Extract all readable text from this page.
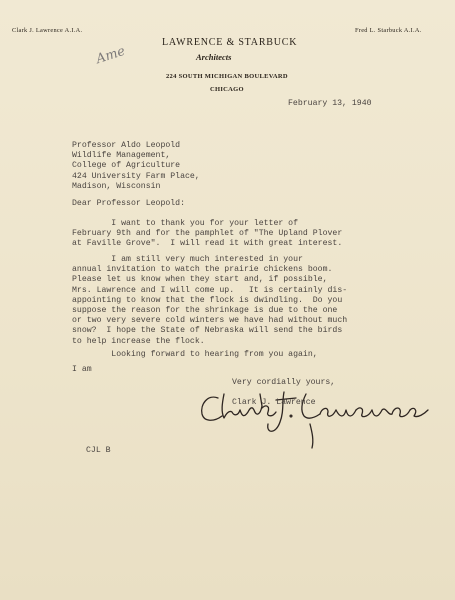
Clark J. Lawrence A.I.A.	Fred L. Starbuck A.I.A.
LAWRENCE & STARBUCK
Architects
224 SOUTH MICHIGAN BOULEVARD
CHICAGO
Ame
February 13, 1940
Professor Aldo Leopold
Wildlife Management,
College of Agriculture
424 University Farm Place,
Madison, Wisconsin
Dear Professor Leopold:
I want to thank you for your letter of
February 9th and for the pamphlet of "The Upland Plover
at Faville Grove".  I will read it with great interest.
I am still very much interested in your
annual invitation to watch the prairie chickens boom.
Please let us know when they start and, if possible,
Mrs. Lawrence and I will come up.   It is certainly dis-
appointing to know that the flock is dwindling.  Do you
suppose the reason for the shrinkage is due to the one
or two very severe cold winters we have had without much
snow?  I hope the State of Nebraska will send the birds
to help increase the flock.
Looking forward to hearing from you again,
I am
Very cordially yours,
Clark J. Lawrence
CJL B
